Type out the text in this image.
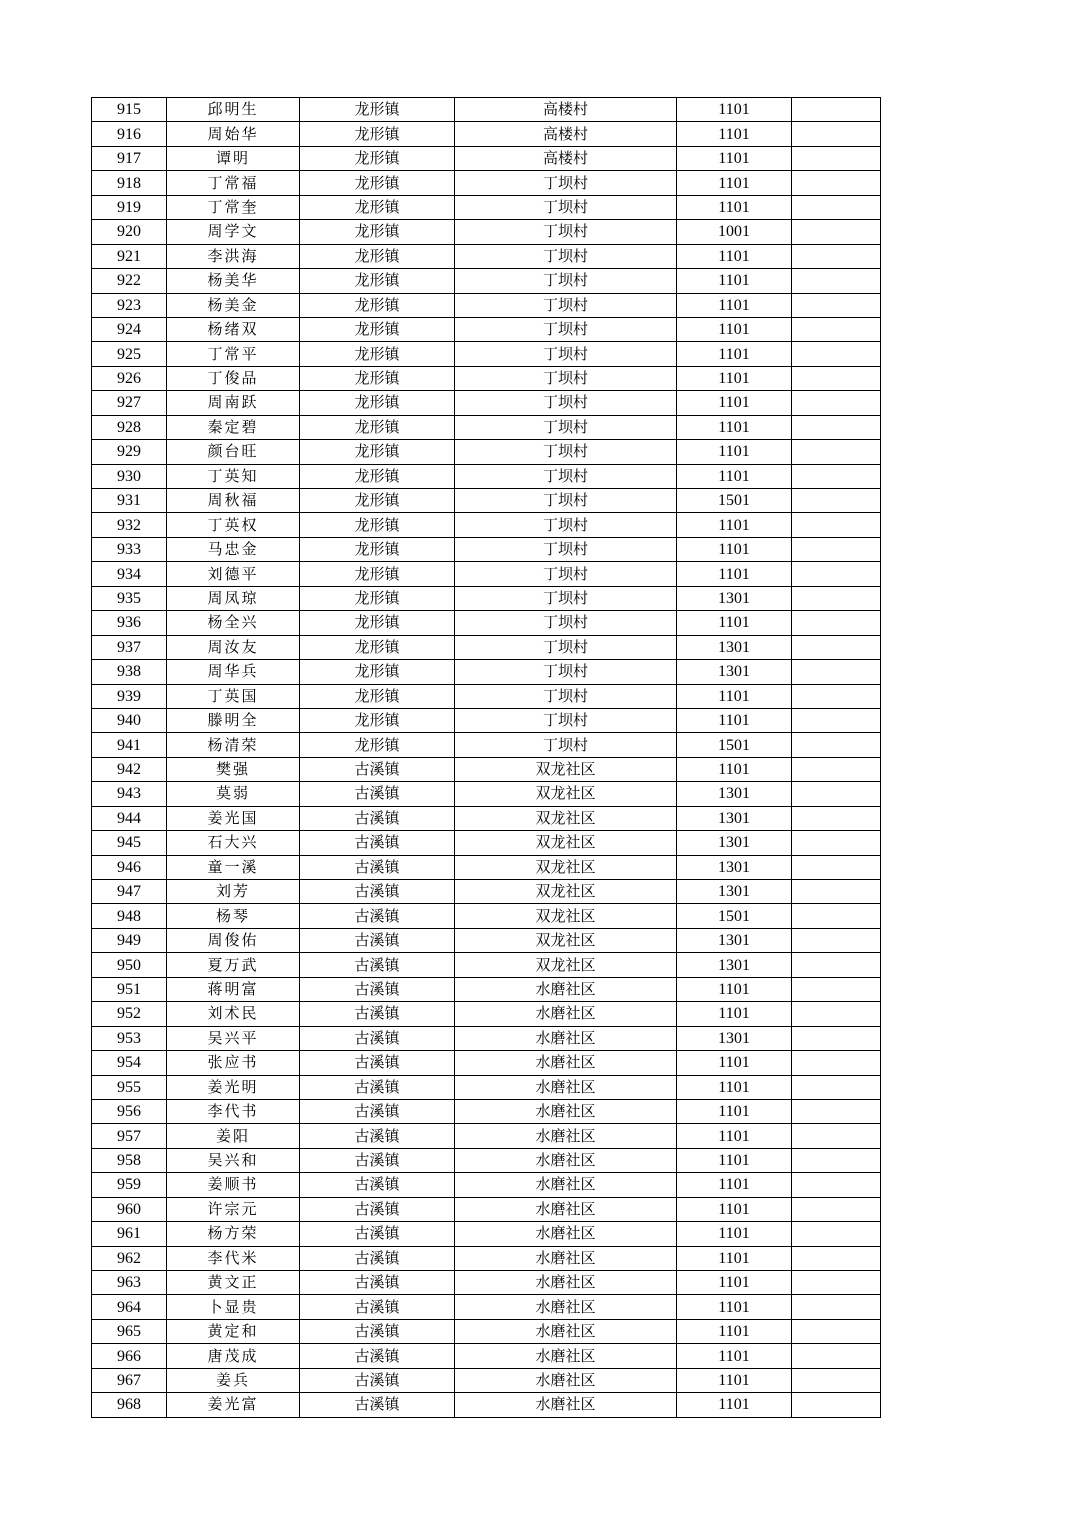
915	邱明生	龙形镇	高楼村	1101	
916	周始华	龙形镇	高楼村	1101	
917	谭明	龙形镇	高楼村	1101	
918	丁常福	龙形镇	丁坝村	1101	
919	丁常奎	龙形镇	丁坝村	1101	
920	周学文	龙形镇	丁坝村	1001	
921	李洪海	龙形镇	丁坝村	1101	
922	杨美华	龙形镇	丁坝村	1101	
923	杨美金	龙形镇	丁坝村	1101	
924	杨绪双	龙形镇	丁坝村	1101	
925	丁常平	龙形镇	丁坝村	1101	
926	丁俊品	龙形镇	丁坝村	1101	
927	周南跃	龙形镇	丁坝村	1101	
928	秦定碧	龙形镇	丁坝村	1101	
929	颜台旺	龙形镇	丁坝村	1101	
930	丁英知	龙形镇	丁坝村	1101	
931	周秋福	龙形镇	丁坝村	1501	
932	丁英权	龙形镇	丁坝村	1101	
933	马忠金	龙形镇	丁坝村	1101	
934	刘德平	龙形镇	丁坝村	1101	
935	周凤琼	龙形镇	丁坝村	1301	
936	杨全兴	龙形镇	丁坝村	1101	
937	周汝友	龙形镇	丁坝村	1301	
938	周华兵	龙形镇	丁坝村	1301	
939	丁英国	龙形镇	丁坝村	1101	
940	滕明全	龙形镇	丁坝村	1101	
941	杨清荣	龙形镇	丁坝村	1501	
942	樊强	古溪镇	双龙社区	1101	
943	莫弱	古溪镇	双龙社区	1301	
944	姜光国	古溪镇	双龙社区	1301	
945	石大兴	古溪镇	双龙社区	1301	
946	童一溪	古溪镇	双龙社区	1301	
947	刘芳	古溪镇	双龙社区	1301	
948	杨琴	古溪镇	双龙社区	1501	
949	周俊佑	古溪镇	双龙社区	1301	
950	夏万武	古溪镇	双龙社区	1301	
951	蒋明富	古溪镇	水磨社区	1101	
952	刘术民	古溪镇	水磨社区	1101	
953	吴兴平	古溪镇	水磨社区	1301	
954	张应书	古溪镇	水磨社区	1101	
955	姜光明	古溪镇	水磨社区	1101	
956	李代书	古溪镇	水磨社区	1101	
957	姜阳	古溪镇	水磨社区	1101	
958	吴兴和	古溪镇	水磨社区	1101	
959	姜顺书	古溪镇	水磨社区	1101	
960	许宗元	古溪镇	水磨社区	1101	
961	杨方荣	古溪镇	水磨社区	1101	
962	李代米	古溪镇	水磨社区	1101	
963	黄文正	古溪镇	水磨社区	1101	
964	卜显贵	古溪镇	水磨社区	1101	
965	黄定和	古溪镇	水磨社区	1101	
966	唐茂成	古溪镇	水磨社区	1101	
967	姜兵	古溪镇	水磨社区	1101	
968	姜光富	古溪镇	水磨社区	1101	
